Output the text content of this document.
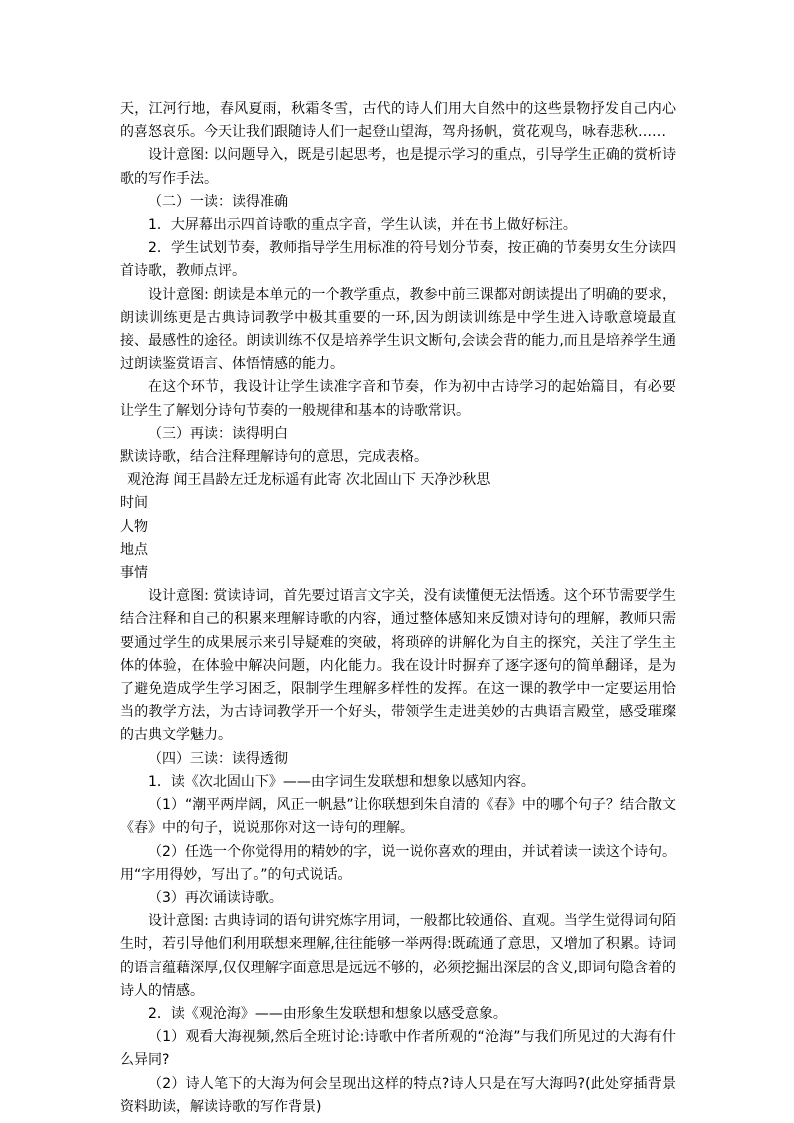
天，江河行地，春风夏雨，秋霜冬雪，古代的诗人们用大自然中的这些景物抒发自己内心的喜怒哀乐。今天让我们跟随诗人们一起登山望海，驾舟扬帆，赏花观鸟，咏春悲秋……

设计意图: 以问题导入，既是引起思考，也是提示学习的重点，引导学生正确的赏析诗歌的写作手法。

（二）一读：读得准确

1．大屏幕出示四首诗歌的重点字音，学生认读，并在书上做好标注。

2．学生试划节奏，教师指导学生用标准的符号划分节奏，按正确的节奏男女生分读四首诗歌，教师点评。

设计意图: 朗读是本单元的一个教学重点，教参中前三课都对朗读提出了明确的要求，朗读训练更是古典诗词教学中极其重要的一环,因为朗读训练是中学生进入诗歌意境最直接、最感性的途径。朗读训练不仅是培养学生识文断句,会读会背的能力,而且是培养学生通过朗读鉴赏语言、体悟情感的能力。

在这个环节，我设计让学生读准字音和节奏，作为初中古诗学习的起始篇目，有必要让学生了解划分诗句节奏的一般规律和基本的诗歌常识。

（三）再读：读得明白

默读诗歌，结合注释理解诗句的意思，完成表格。

观沧海 闻王昌龄左迁龙标遥有此寄 次北固山下 天净沙秋思

时间

人物

地点

事情

设计意图: 赏读诗词，首先要过语言文字关，没有读懂便无法悟透。这个环节需要学生结合注释和自己的积累来理解诗歌的内容，通过整体感知来反馈对诗句的理解，教师只需要通过学生的成果展示来引导疑难的突破，将琐碎的讲解化为自主的探究，关注了学生主体的体验，在体验中解决问题，内化能力。我在设计时摒弃了逐字逐句的简单翻译，是为了避免造成学生学习困乏，限制学生理解多样性的发挥。在这一课的教学中一定要运用恰当的教学方法，为古诗词教学开一个好头，带领学生走进美妙的古典语言殿堂，感受璀璨的古典文学魅力。

（四）三读：读得透彻

1．读《次北固山下》——由字词生发联想和想象以感知内容。

（1）“潮平两岸阔，风正一帆悬”让你联想到朱自清的《春》中的哪个句子？结合散文《春》中的句子，说说那你对这一诗句的理解。

（2）任选一个你觉得用的精妙的字，说一说你喜欢的理由，并试着读一读这个诗句。用“字用得妙，写出了。”的句式说话。

（3）再次诵读诗歌。

设计意图: 古典诗词的语句讲究炼字用词，一般都比较通俗、直观。当学生觉得词句陌生时，若引导他们利用联想来理解,往往能够一举两得:既疏通了意思，又增加了积累。诗词的语言蕴藉深厚,仅仅理解字面意思是远远不够的，必须挖掘出深层的含义,即词句隐含着的诗人的情感。

2．读《观沧海》——由形象生发联想和想象以感受意象。

（1）观看大海视频,然后全班讨论:诗歌中作者所观的“沧海”与我们所见过的大海有什么异同?

（2）诗人笔下的大海为何会呈现出这样的特点?诗人只是在写大海吗?(此处穿插背景资料助读，解读诗歌的写作背景)
